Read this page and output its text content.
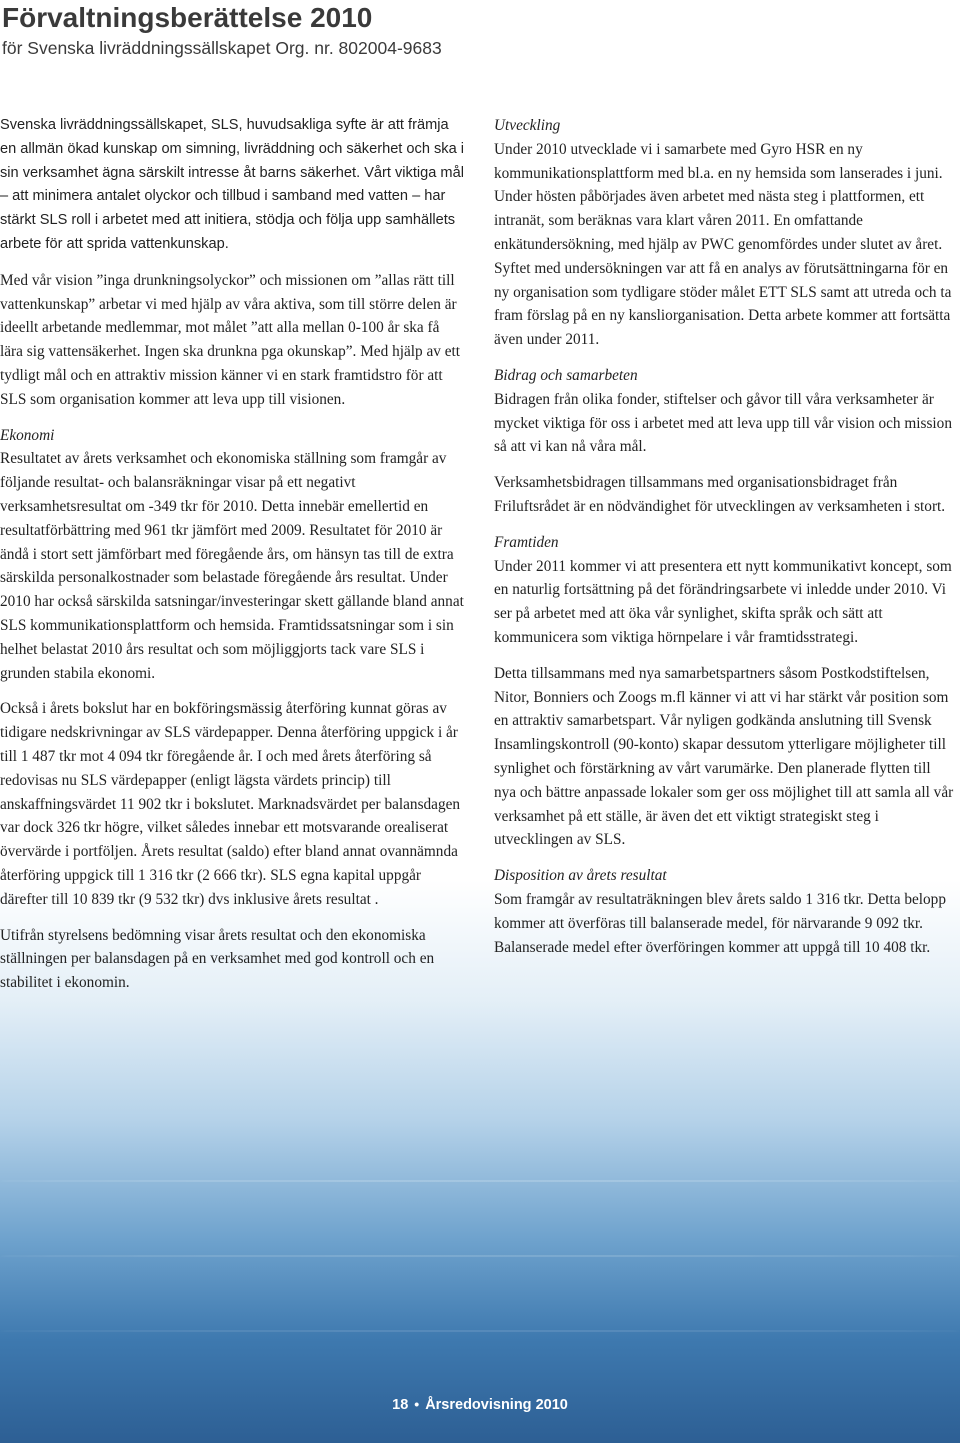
Förvaltningsberättelse 2010
för Svenska livräddningssällskapet Org. nr. 802004-9683

Svenska livräddningssällskapet, SLS, huvudsakliga syfte är att främja en allmän ökad kunskap om simning, livräddning och säkerhet och ska i sin verksamhet ägna särskilt intresse åt barns säkerhet. Vårt viktiga mål – att minimera antalet olyckor och tillbud i samband med vatten – har stärkt SLS roll i arbetet med att initiera, stödja och följa upp samhällets arbete för att sprida vattenkunskap.

Med vår vision ”inga drunkningsolyckor” och missionen om ”allas rätt till vattenkunskap” arbetar vi med hjälp av våra aktiva, som till större delen är ideellt arbetande medlemmar, mot målet ”att alla mellan 0-100 år ska få lära sig vattensäkerhet. Ingen ska drunkna pga okunskap”. Med hjälp av ett tydligt mål och en attraktiv mission känner vi en stark framtidstro för att SLS som organisation kommer att leva upp till visionen.

Ekonomi
Resultatet av årets verksamhet och ekonomiska ställning som framgår av följande resultat- och balansräkningar visar på ett negativt verksamhetsresultat om -349 tkr för 2010. Detta innebär emellertid en resultatförbättring med 961 tkr jämfört med 2009. Resultatet för 2010 är ändå i stort sett jämförbart med föregående års, om hänsyn tas till de extra särskilda personalkostnader som belastade föregående års resultat. Under 2010 har också särskilda satsningar/investeringar skett gällande bland annat SLS kommunikationsplattform och hemsida. Framtidssatsningar som i sin helhet belastat 2010 års resultat och som möjliggjorts tack vare SLS i grunden stabila ekonomi.

Också i årets bokslut har en bokföringsmässig återföring kunnat göras av tidigare nedskrivningar av SLS värdepapper. Denna återföring uppgick i år till 1 487 tkr mot 4 094 tkr föregående år. I och med årets återföring så redovisas nu SLS värdepapper (enligt lägsta värdets princip) till anskaffningsvärdet 11 902 tkr i bokslutet. Marknadsvärdet per balansdagen var dock 326 tkr högre, vilket således innebar ett motsvarande orealiserat övervärde i portföljen. Årets resultat (saldo) efter bland annat ovannämnda återföring uppgick till 1 316 tkr (2 666 tkr). SLS egna kapital uppgår därefter till 10 839 tkr (9 532 tkr) dvs inklusive årets resultat .

Utifrån styrelsens bedömning visar årets resultat och den ekonomiska ställningen per balansdagen på en verksamhet med god kontroll och en stabilitet i ekonomin.

Utveckling
Under 2010 utvecklade vi i samarbete med Gyro HSR en ny kommunikationsplattform med bl.a. en ny hemsida som lanserades i juni. Under hösten påbörjades även arbetet med nästa steg i plattformen, ett intranät, som beräknas vara klart våren 2011. En omfattande enkätundersökning, med hjälp av PWC genomfördes under slutet av året. Syftet med undersökningen var att få en analys av förutsättningarna för en ny organisation som tydligare stöder målet ETT SLS samt att utreda och ta fram förslag på en ny kansliorganisation. Detta arbete kommer att fortsätta även under 2011.

Bidrag och samarbeten
Bidragen från olika fonder, stiftelser och gåvor till våra verksamheter är mycket viktiga för oss i arbetet med att leva upp till vår vision och mission så att vi kan nå våra mål.

Verksamhetsbidragen tillsammans med organisationsbidraget från Friluftsrådet är en nödvändighet för utvecklingen av verksamheten i stort.

Framtiden
Under 2011 kommer vi att presentera ett nytt kommunikativt koncept, som en naturlig fortsättning på det förändringsarbete vi inledde under 2010. Vi ser på arbetet med att öka vår synlighet, skifta språk och sätt att kommunicera som viktiga hörnpelare i vår framtidsstrategi.

Detta tillsammans med nya samarbetspartners såsom Postkodstiftelsen, Nitor, Bonniers och Zoogs m.fl känner vi att vi har stärkt vår position som en attraktiv samarbetspart. Vår nyligen godkända anslutning till Svensk Insamlingskontroll (90-konto) skapar dessutom ytterligare möjligheter till synlighet och förstärkning av vårt varumärke. Den planerade flytten till nya och bättre anpassade lokaler som ger oss möjlighet till att samla all vår verksamhet på ett ställe, är även det ett viktigt strategiskt steg i utvecklingen av SLS.

Disposition av årets resultat
Som framgår av resultaträkningen blev årets saldo 1 316 tkr. Detta belopp kommer att överföras till balanserade medel, för närvarande 9 092 tkr. Balanserade medel efter överföringen kommer att uppgå till 10 408 tkr.

18 • Årsredovisning 2010
